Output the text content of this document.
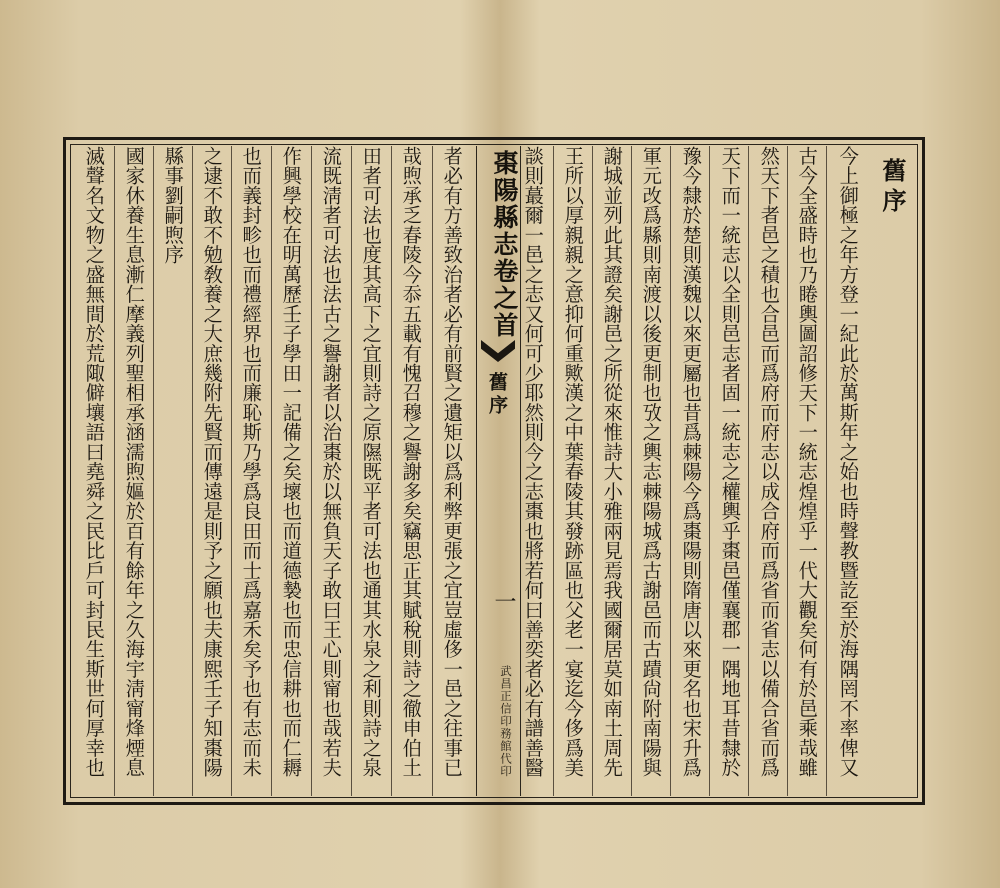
舊序
今上御極之年方登一紀此於萬斯年之始也時聲教暨訖至於海隅罔不率俾又
古今全盛時也乃睠輿圖詔修天下一統志煌煌乎一代大觀矣何有於邑乘哉雖
然天下者邑之積也合邑而爲府而府志以成合府而爲省而省志以備合省而爲
天下而一統志以全則邑志者固一統志之權輿乎棗邑僅襄郡一隅地耳昔隸於
豫今隸於楚則漢魏以來更屬也昔爲棘陽今爲棗陽則隋唐以來更名也宋升爲
軍元改爲縣則南渡以後更制也攷之輿志棘陽城爲古謝邑而古蹟尙附南陽與
謝城並列此其證矣謝邑之所從來惟詩大小雅兩見焉我國爾居莫如南土周先
王所以厚親親之意抑何重歟漢之中葉春陵其發跡區也父老一宴迄今侈爲美
談則蕞爾一邑之志又何可少耶然則今之志棗也將若何曰善奕者必有譜善醫
棗陽縣志卷之首
舊序
一
武昌正信印務館代印
者必有方善致治者必有前賢之遺矩以爲利弊更張之宜豈虛侈一邑之往事已
哉煦承乏春陵今忝五載有愧召穆之譽謝多矣竊思正其賦稅則詩之徹申伯土
田者可法也度其高下之宜則詩之原隰既平者可法也通其水泉之利則詩之泉
流既淸者可法也法古之譽謝者以治棗於以無負天子敢曰王心則甯也哉若夫
作興學校在明萬歷壬子學田一記備之矣壞也而道德褺也而忠信耕也而仁耨
也而義封畛也而禮經界也而廉恥斯乃學爲良田而士爲嘉禾矣予也有志而未
之逮不敢不勉敎養之大庶幾附先賢而傳遠是則予之願也夫康熙壬子知棗陽
縣事劉嗣煦序
國家休養生息漸仁摩義列聖相承涵濡煦嫗於百有餘年之久海宇淸甯烽煙息
滅聲名文物之盛無間於荒陬僻壤語曰堯舜之民比戶可封民生斯世何厚幸也
